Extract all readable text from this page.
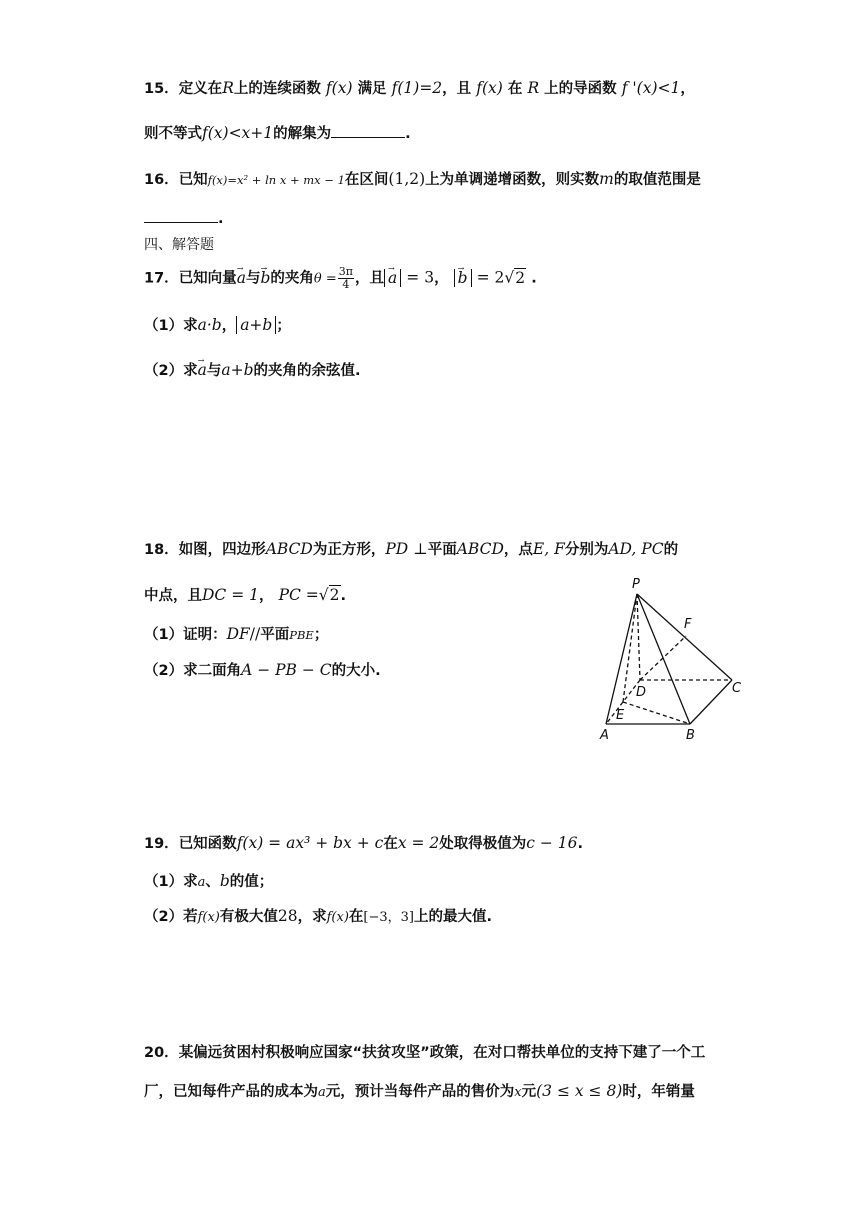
15．定义在R上的连续函数 f(x) 满足 f(1)=2，且 f(x) 在 R 上的导函数 f '(x)<1，
则不等式f(x)<x+1的解集为	.
16．已知f(x)=x² + ln x + mx − 1在区间(1,2)上为单调递增函数，则实数m的取值范围是
.
四、解答题
17．已知向量→ a与→ b的夹角$\theta = \frac{3\pi}{4}$ ，且 → a = 3， → b = 2√2 .
（1）求a·b， a+b ；
（2）求→ a与a+b的夹角的余弦值.
18．如图，四边形ABCD为正方形，PD ⊥平面ABCD，点E, F分别为AD, PC的
中点，且DC = 1， PC =√2.
（1）证明：DF//平面PBE；
（2）求二面角A − PB − C的大小.
P
F
D	C
E
A	B
19．已知函数f(x) = ax³ + bx + c在x = 2处取得极值为c − 16.
（1）求a、b的值；
（2）若f(x)有极大值28，求f(x)在[−3，3]上的最大值.
20．某偏远贫困村积极响应国家“扶贫攻坚”政策，在对口帮扶单位的支持下建了一个工
厂，已知每件产品的成本为a元，预计当每件产品的售价为x元(3 ≤ x ≤ 8)时，年销量
